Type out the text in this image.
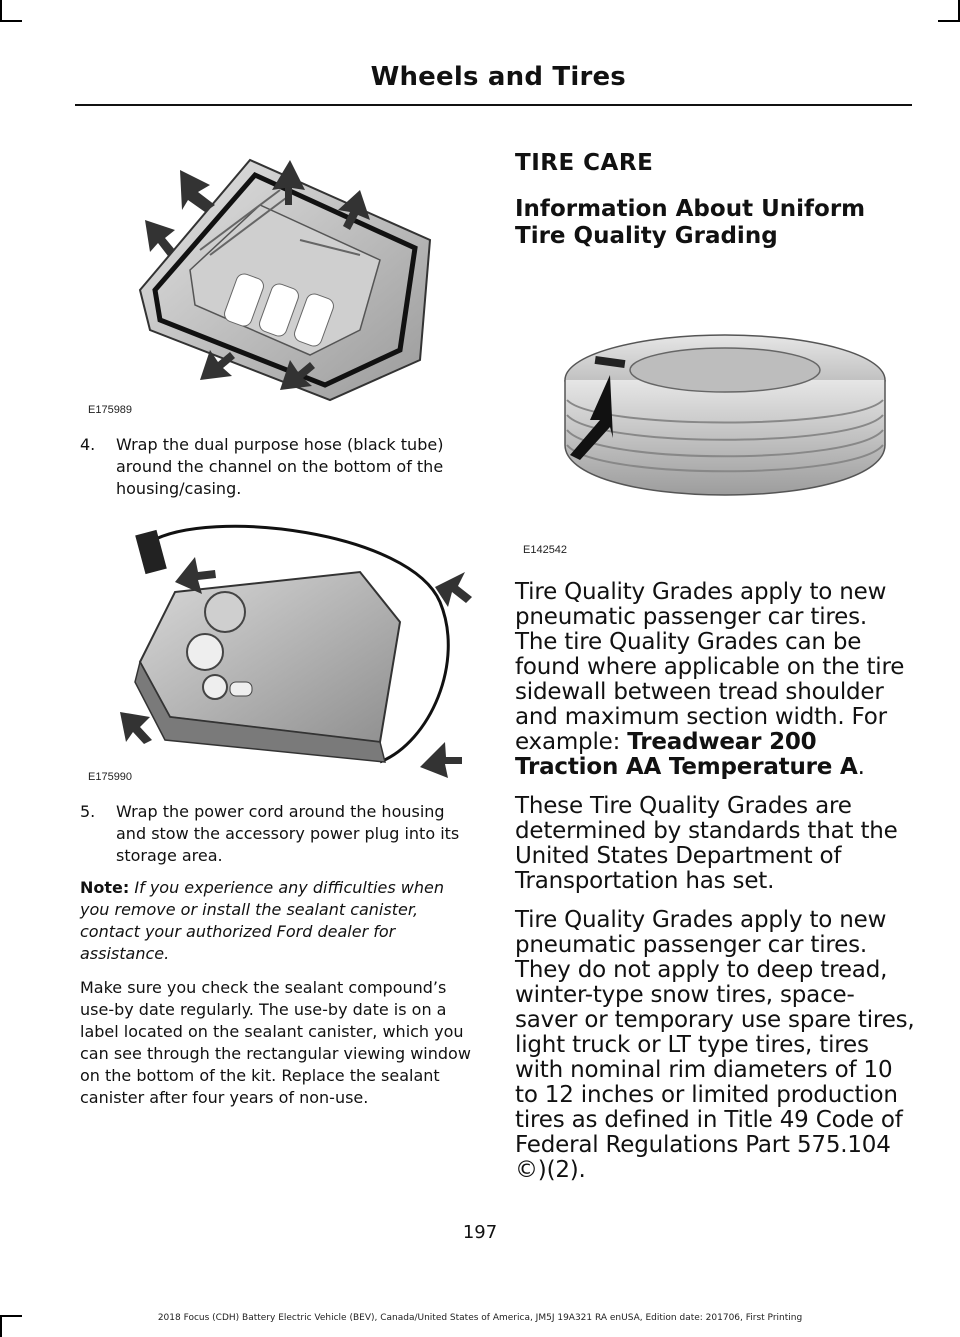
Wheels and Tires
E175989
4. Wrap the dual purpose hose (black tube) around the channel on the bottom of the housing/casing.
E175990
5. Wrap the power cord around the housing and stow the accessory power plug into its storage area.

Note: If you experience any difficulties when you remove or install the sealant canister, contact your authorized Ford dealer for assistance.

Make sure you check the sealant compound’s use-by date regularly. The use-by date is on a label located on the sealant canister, which you can see through the rectangular viewing window on the bottom of the kit. Replace the sealant canister after four years of non-use.

TIRE CARE
Information About Uniform Tire Quality Grading
E142542

Tire Quality Grades apply to new pneumatic passenger car tires. The tire Quality Grades can be found where applicable on the tire sidewall between tread shoulder and maximum section width. For example: Treadwear 200 Traction AA Temperature A.

These Tire Quality Grades are determined by standards that the United States Department of Transportation has set.

Tire Quality Grades apply to new pneumatic passenger car tires. They do not apply to deep tread, winter-type snow tires, space-saver or temporary use spare tires, light truck or LT type tires, tires with nominal rim diameters of 10 to 12 inches or limited production tires as defined in Title 49 Code of Federal Regulations Part 575.104 ©)(2).

197
2018 Focus (CDH) Battery Electric Vehicle (BEV), Canada/United States of America, JM5J 19A321 RA enUSA, Edition date: 201706, First Printing
